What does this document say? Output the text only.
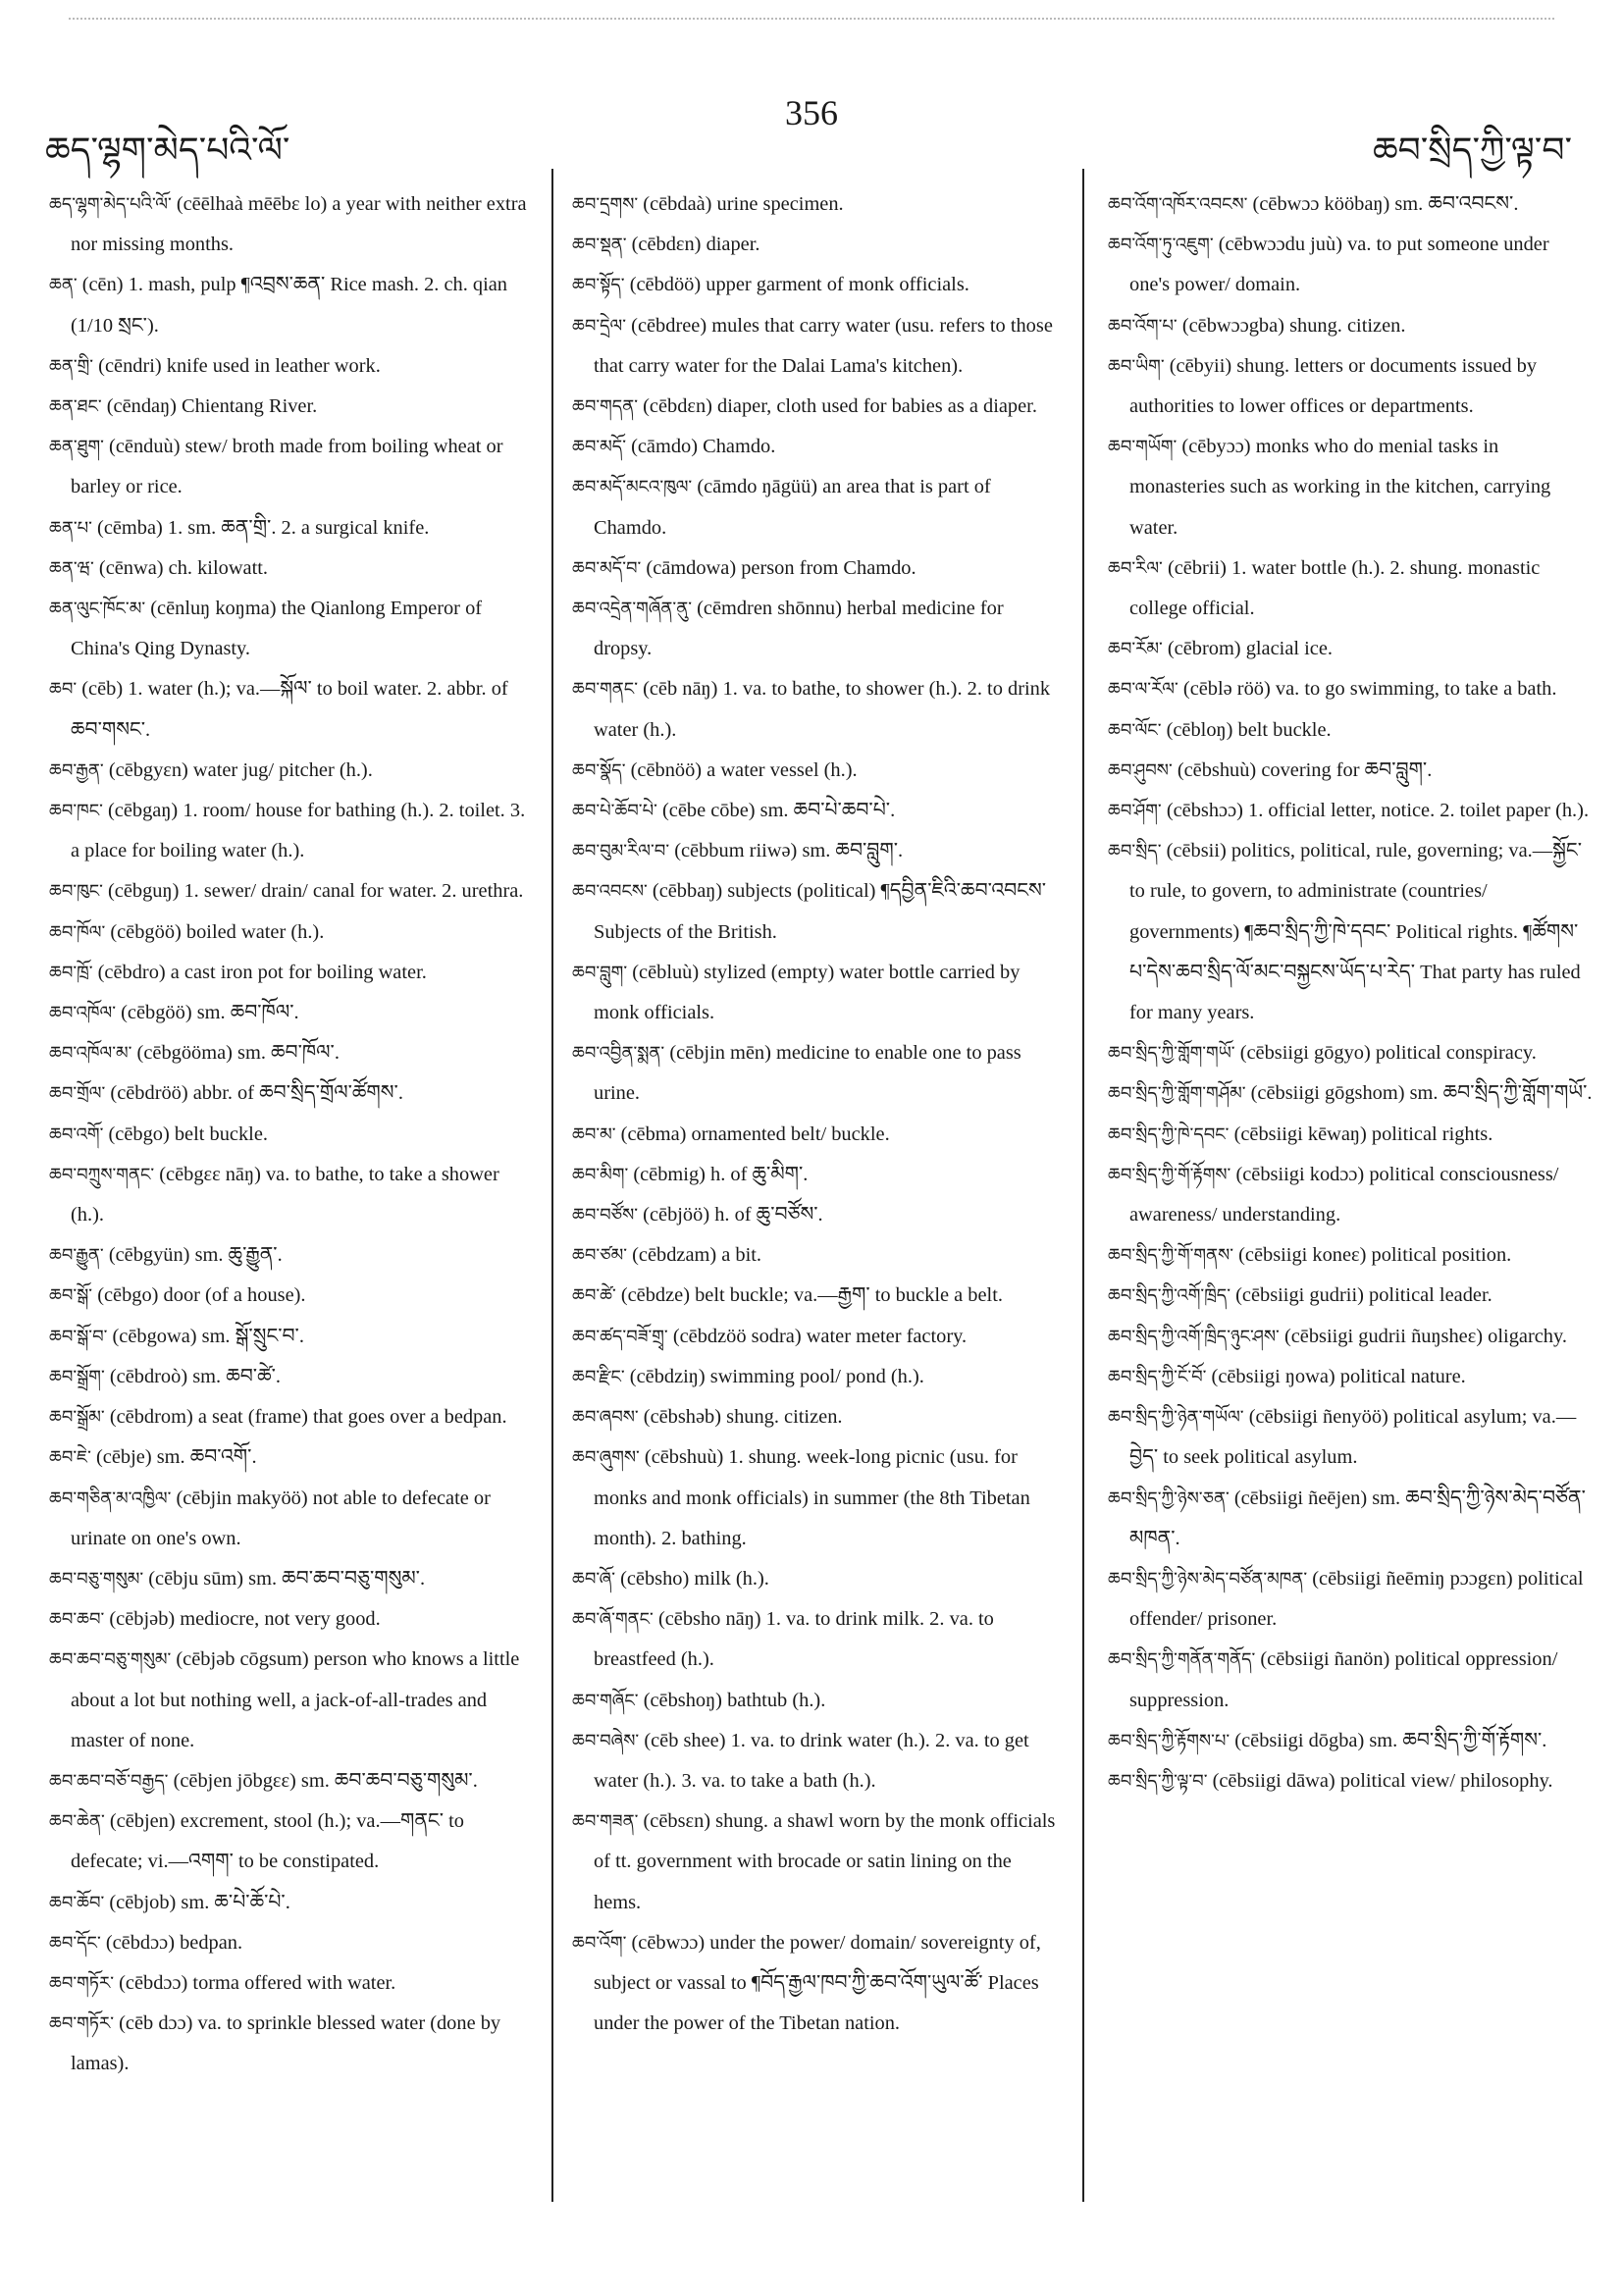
ཆད་ལྷག་མེད་པའི་ལོ་
356
ཆབ་སྲིད་ཀྱི་ལྟ་བ་
ཆད་ལྷག་མེད་པའི་ལོ་ (cēēlhaà mēēbε lo) a year with neither extra nor missing months.
ཆན་ (cēn) 1. mash, pulp ¶འབྲས་ཆན་ Rice mash. 2. ch. qian (1/10 སྲང་).
ཆན་གྲི་ (cēndri) knife used in leather work.
ཆན་ཐང་ (cēndaŋ) Chientang River.
ཆན་ཐུག་ (cēnduù) stew/ broth made from boiling wheat or barley or rice.
ཆན་པ་ (cēmba) 1. sm. ཆན་གྲི་. 2. a surgical knife.
ཆན་ཝ་ (cēnwa) ch. kilowatt.
ཆན་ལུང་ཁོང་མ་ (cēnluŋ koŋma) the Qianlong Emperor of China's Qing Dynasty.
ཆབ་ (cēb) 1. water (h.); va.—སྐོལ་ to boil water. 2. abbr. of ཆབ་གསང་.
ཆབ་རྒྱན་ (cēbgyεn) water jug/ pitcher (h.).
ཆབ་ཁང་ (cēbgaŋ) 1. room/ house for bathing (h.). 2. toilet. 3. a place for boiling water (h.).
ཆབ་ཁུང་ (cēbguŋ) 1. sewer/ drain/ canal for water. 2. urethra.
ཆབ་ཁོལ་ (cēbgöö) boiled water (h.).
ཆབ་ཁྲོ་ (cēbdro) a cast iron pot for boiling water.
ཆབ་འཁོལ་ (cēbgöö) sm. ཆབ་ཁོལ་.
ཆབ་འཁོལ་མ་ (cēbgööma) sm. ཆབ་ཁོལ་.
ཆབ་གྲོལ་ (cēbdröö) abbr. of ཆབ་སྲིད་གྲོལ་ཚོགས་.
ཆབ་འགོ་ (cēbgo) belt buckle.
ཆབ་བཀྲུས་གནང་ (cēbgεε nāŋ) va. to bathe, to take a shower (h.).
ཆབ་རྒྱུན་ (cēbgyün) sm. ཆུ་རྒྱུན་.
ཆབ་སྒོ་ (cēbgo) door (of a house).
ཆབ་སྒོ་བ་ (cēbgowa) sm. སྒོ་སྲུང་བ་.
ཆབ་སྒྲོག་ (cēbdroò) sm. ཆབ་ཚེ་.
ཆབ་སྒྲོམ་ (cēbdrom) a seat (frame) that goes over a bedpan.
ཆབ་ཇེ་ (cēbje) sm. ཆབ་འགོ་.
ཆབ་གཅིན་མ་འཁྱིལ་ (cēbjin makyöö) not able to defecate or urinate on one's own.
ཆབ་བཅུ་གསུམ་ (cēbju sūm) sm. ཆབ་ཆབ་བཅུ་གསུམ་.
ཆབ་ཆབ་ (cēbjəb) mediocre, not very good.
ཆབ་ཆབ་བཅུ་གསུམ་ (cēbjəb cōgsum) person who knows a little about a lot but nothing well, a jack-of-all-trades and master of none.
ཆབ་ཆབ་བཅོ་བརྒྱད་ (cēbjen jōbgεε) sm. ཆབ་ཆབ་བཅུ་གསུམ་.
ཆབ་ཆེན་ (cēbjen) excrement, stool (h.); va.—གནང་ to defecate; vi.—འགག་ to be constipated.
ཆབ་ཆོབ་ (cēbjob) sm. ཆ་པེ་ཆོ་པེ་.
ཆབ་དོང་ (cēbdɔɔ) bedpan.
ཆབ་གཏོར་ (cēbdɔɔ) torma offered with water.
ཆབ་གཏོར་ (cēb dɔɔ) va. to sprinkle blessed water (done by lamas).
ཆབ་དྲགས་ (cēbdaà) urine specimen.
ཆབ་སྡན་ (cēbdεn) diaper.
ཆབ་སྟོད་ (cēbdöö) upper garment of monk officials.
ཆབ་དྲེལ་ (cēbdree) mules that carry water (usu. refers to those that carry water for the Dalai Lama's kitchen).
ཆབ་གདན་ (cēbdεn) diaper, cloth used for babies as a diaper.
ཆབ་མདོ་ (cāmdo) Chamdo.
ཆབ་མདོ་མངའ་ཁུལ་ (cāmdo ŋāgüü) an area that is part of Chamdo.
ཆབ་མདོ་བ་ (cāmdowa) person from Chamdo.
ཆབ་འདྲེན་གཞོན་ནུ་ (cēmdren shōnnu) herbal medicine for dropsy.
ཆབ་གནང་ (cēb nāŋ) 1. va. to bathe, to shower (h.). 2. to drink water (h.).
ཆབ་སྣོད་ (cēbnöö) a water vessel (h.).
ཆབ་པེ་ཆོབ་པེ་ (cēbe cōbe) sm. ཆབ་པེ་ཆབ་པེ་.
ཆབ་བུམ་རིལ་བ་ (cēbbum riiwə) sm. ཆབ་བླུག་.
ཆབ་འབངས་ (cēbbaŋ) subjects (political) ¶དབྱིན་ཇིའི་ཆབ་འབངས་ Subjects of the British.
ཆབ་བླུག་ (cēbluù) stylized (empty) water bottle carried by monk officials.
ཆབ་འབྱིན་སྨན་ (cēbjin mēn) medicine to enable one to pass urine.
ཆབ་མ་ (cēbma) ornamented belt/ buckle.
ཆབ་མིག་ (cēbmig) h. of ཆུ་མིག་.
ཆབ་བཙོས་ (cēbjöö) h. of ཆུ་བཙོས་.
ཆབ་ཙམ་ (cēbdzam) a bit.
ཆབ་ཚེ་ (cēbdze) belt buckle; va.—རྒྱག་ to buckle a belt.
ཆབ་ཚད་བཟོ་གྲྭ་ (cēbdzöö sodra) water meter factory.
ཆབ་རྫིང་ (cēbdziŋ) swimming pool/ pond (h.).
ཆབ་ཞབས་ (cēbshəb) shung. citizen.
ཆབ་ཞུགས་ (cēbshuù) 1. shung. week-long picnic (usu. for monks and monk officials) in summer (the 8th Tibetan month). 2. bathing.
ཆབ་ཞོ་ (cēbsho) milk (h.).
ཆབ་ཞོ་གནང་ (cēbsho nāŋ) 1. va. to drink milk. 2. va. to breastfeed (h.).
ཆབ་གཞོང་ (cēbshoŋ) bathtub (h.).
ཆབ་བཞེས་ (cēb shee) 1. va. to drink water (h.). 2. va. to get water (h.). 3. va. to take a bath (h.).
ཆབ་གཟན་ (cēbsεn) shung. a shawl worn by the monk officials of tt. government with brocade or satin lining on the hems.
ཆབ་འོག་ (cēbwɔɔ) under the power/ domain/ sovereignty of, subject or vassal to ¶བོད་རྒྱལ་ཁབ་ཀྱི་ཆབ་འོག་ཡུལ་ཚོ་ Places under the power of the Tibetan nation.
ཆབ་འོག་འཁོར་འབངས་ (cēbwɔɔ kööbaŋ) sm. ཆབ་འབངས་.
ཆབ་འོག་ཏུ་འཇུག་ (cēbwɔɔdu juù) va. to put someone under one's power/ domain.
ཆབ་འོག་པ་ (cēbwɔɔgba) shung. citizen.
ཆབ་ཡིག་ (cēbyii) shung. letters or documents issued by authorities to lower offices or departments.
ཆབ་གཡོག་ (cēbyɔɔ) monks who do menial tasks in monasteries such as working in the kitchen, carrying water.
ཆབ་རིལ་ (cēbrii) 1. water bottle (h.). 2. shung. monastic college official.
ཆབ་རོམ་ (cēbrom) glacial ice.
ཆབ་ལ་རོལ་ (cēblə röö) va. to go swimming, to take a bath.
ཆབ་ལོང་ (cēbloŋ) belt buckle.
ཆབ་ཤུབས་ (cēbshuù) covering for ཆབ་བླུག་.
ཆབ་ཤོག་ (cēbshɔɔ) 1. official letter, notice. 2. toilet paper (h.).
ཆབ་སྲིད་ (cēbsii) politics, political, rule, governing; va.—སྐྱོང་ to rule, to govern, to administrate (countries/ governments) ¶ཆབ་སྲིད་ཀྱི་ཁེ་དབང་ Political rights. ¶ཚོགས་པ་དེས་ཆབ་སྲིད་ལོ་མང་བསྐྱངས་ཡོད་པ་རེད་ That party has ruled for many years.
ཆབ་སྲིད་ཀྱི་གློག་གཡོ་ (cēbsiigi gōgyo) political conspiracy.
ཆབ་སྲིད་ཀྱི་གློག་གཤོམ་ (cēbsiigi gōgshom) sm. ཆབ་སྲིད་ཀྱི་གློག་གཡོ་.
ཆབ་སྲིད་ཀྱི་ཁེ་དབང་ (cēbsiigi kēwaŋ) political rights.
ཆབ་སྲིད་ཀྱི་གོ་རྟོགས་ (cēbsiigi kodɔɔ) political consciousness/ awareness/ understanding.
ཆབ་སྲིད་ཀྱི་གོ་གནས་ (cēbsiigi koneε) political position.
ཆབ་སྲིད་ཀྱི་འགོ་ཁྲིད་ (cēbsiigi gudrii) political leader.
ཆབ་སྲིད་ཀྱི་འགོ་ཁྲིད་ཉུང་ཤས་ (cēbsiigi gudrii ñuŋsheε) oligarchy.
ཆབ་སྲིད་ཀྱི་ངོ་བོ་ (cēbsiigi ŋowa) political nature.
ཆབ་སྲིད་ཀྱི་ཉེན་གཡོལ་ (cēbsiigi ñenyöö) political asylum; va.—བྱེད་ to seek political asylum.
ཆབ་སྲིད་ཀྱི་ཉེས་ཅན་ (cēbsiigi ñeējen) sm. ཆབ་སྲིད་ཀྱི་ཉེས་མེད་བཙོན་མཁན་.
ཆབ་སྲིད་ཀྱི་ཉེས་མེད་བཙོན་མཁན་ (cēbsiigi ñeēmiŋ pɔɔgεn) political offender/ prisoner.
ཆབ་སྲིད་ཀྱི་གནོན་གནོད་ (cēbsiigi ñanön) political oppression/ suppression.
ཆབ་སྲིད་ཀྱི་རྟོགས་པ་ (cēbsiigi dōgba) sm. ཆབ་སྲིད་ཀྱི་གོ་རྟོགས་.
ཆབ་སྲིད་ཀྱི་ལྟ་བ་ (cēbsiigi dāwa) political view/ philosophy.
